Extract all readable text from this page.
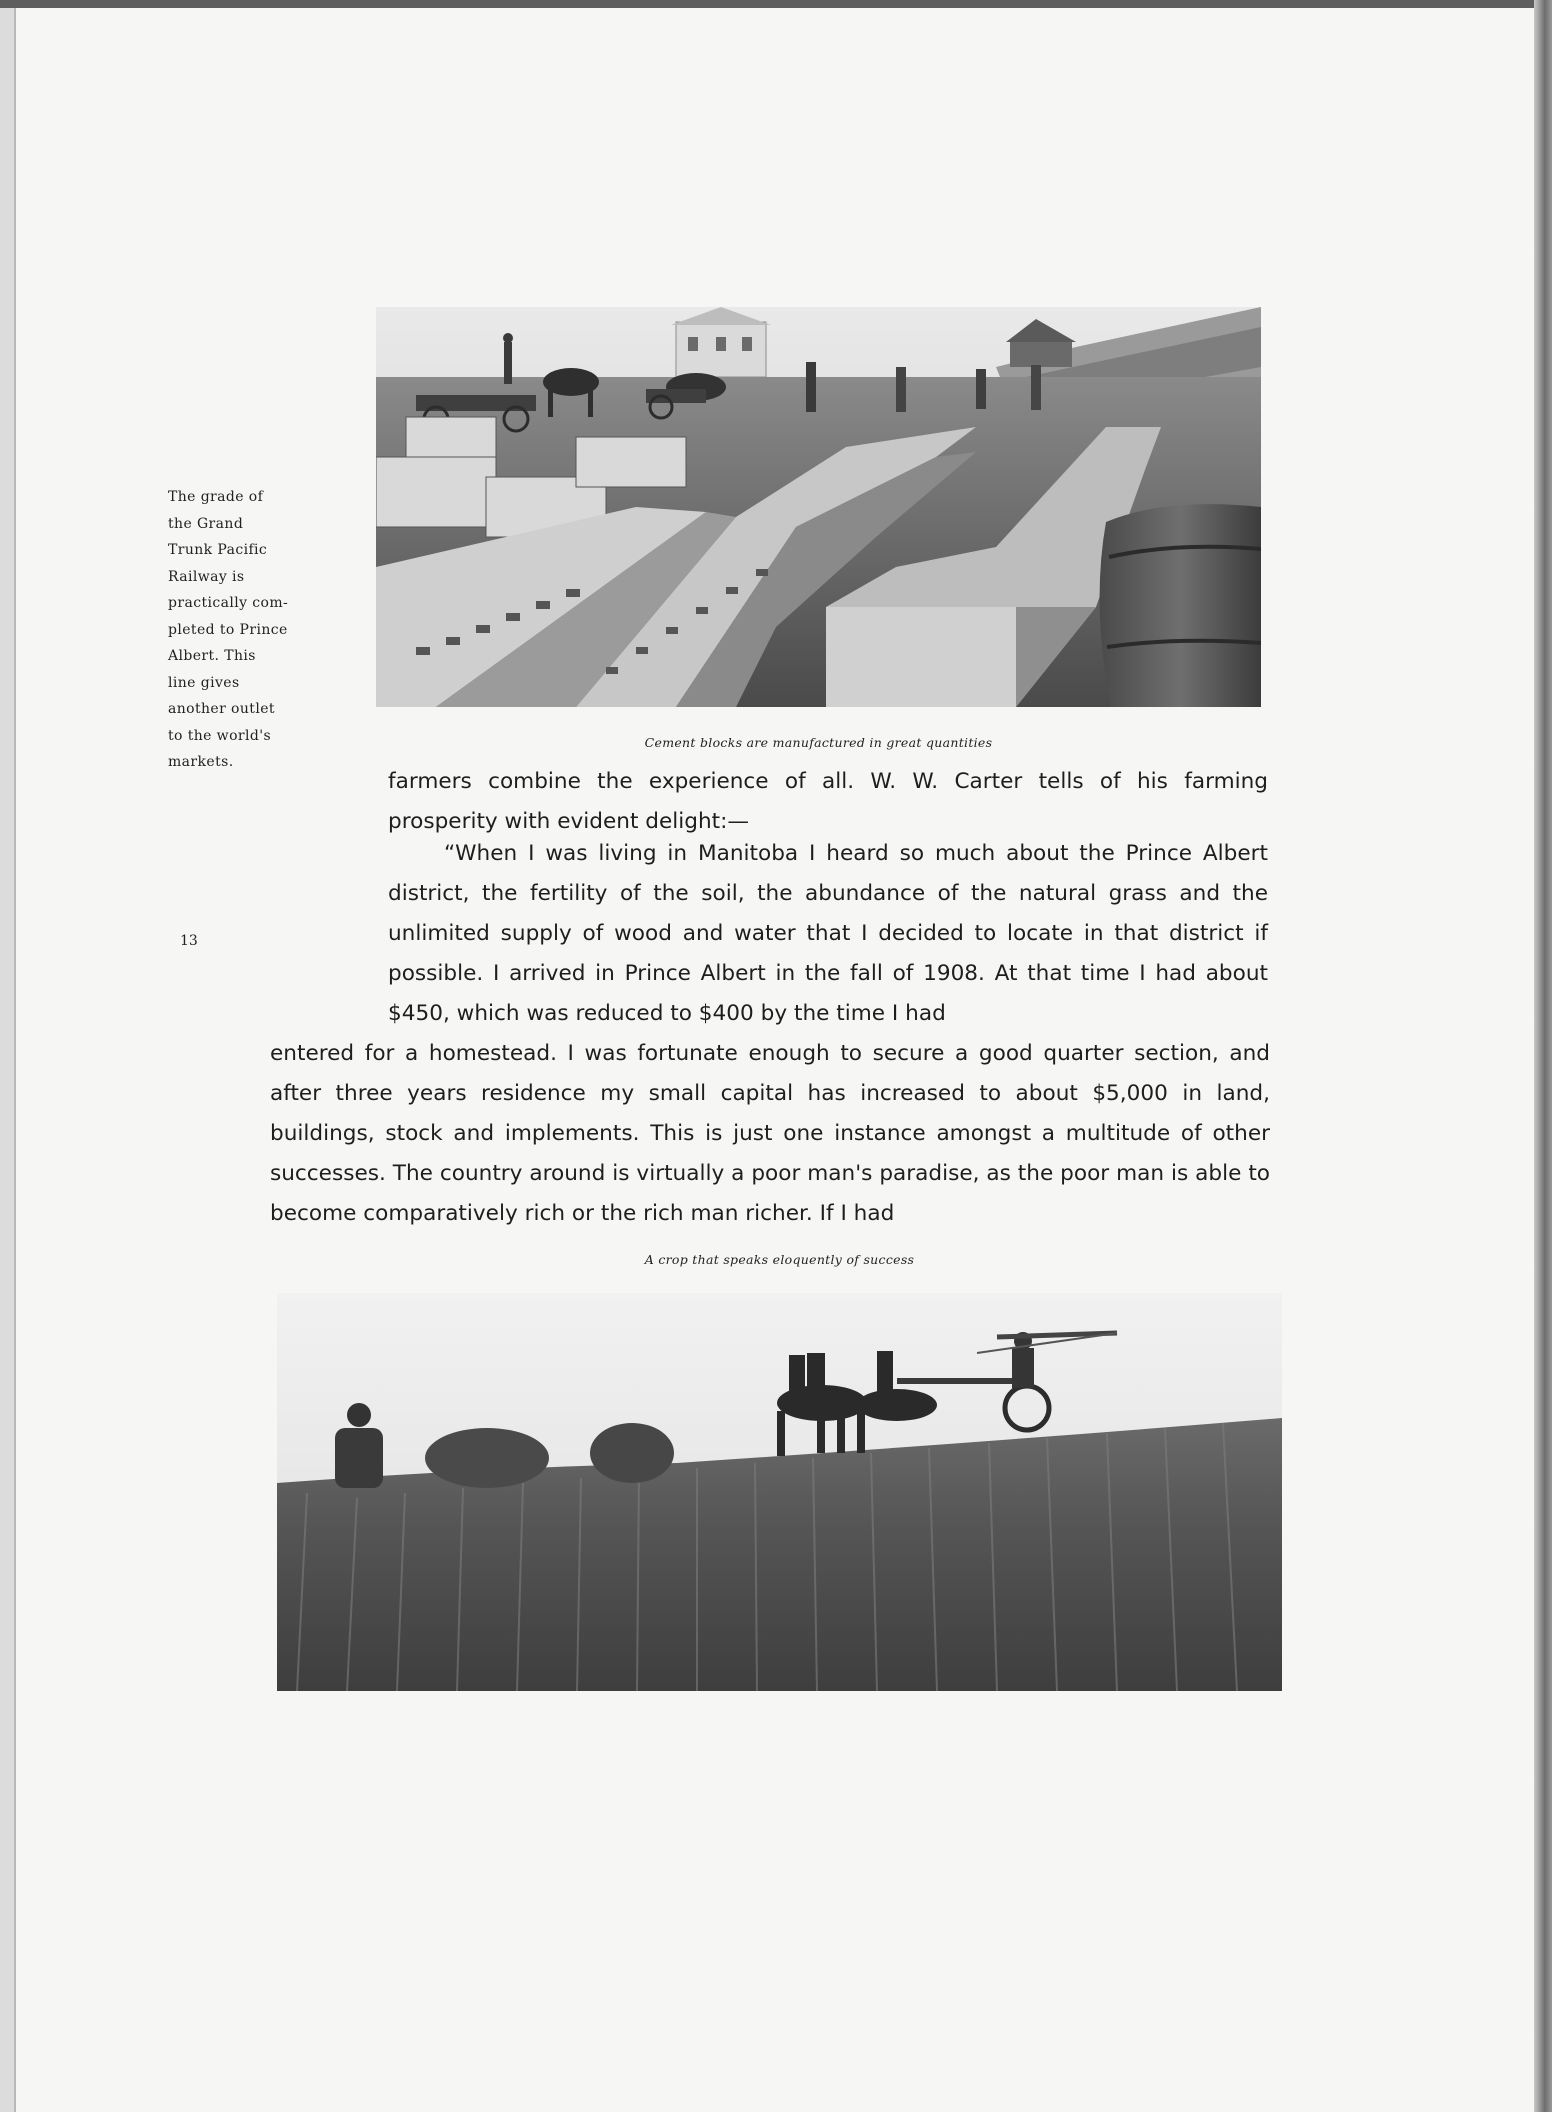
The grade of
the Grand
Trunk Pacific
Railway is
practically com-
pleted to Prince
Albert. This
line gives
another outlet
to the world's
markets.
13
Cement blocks are manufactured in great quantities

farmers combine the experience of all. W. W. Carter tells of his farming prosperity with evident delight:—

“When I was living in Manitoba I heard so much about the Prince Albert district, the fertility of the soil, the abundance of the natural grass and the unlimited supply of wood and water that I decided to locate in that district if possible. I arrived in Prince Albert in the fall of 1908. At that time I had about $450, which was reduced to $400 by the time I had

entered for a homestead. I was fortunate enough to secure a good quarter section, and after three years residence my small capital has increased to about $5,000 in land, buildings, stock and implements. This is just one instance amongst a multitude of other successes. The country around is virtually a poor man's paradise, as the poor man is able to become comparatively rich or the rich man richer. If I had

A crop that speaks eloquently of success
